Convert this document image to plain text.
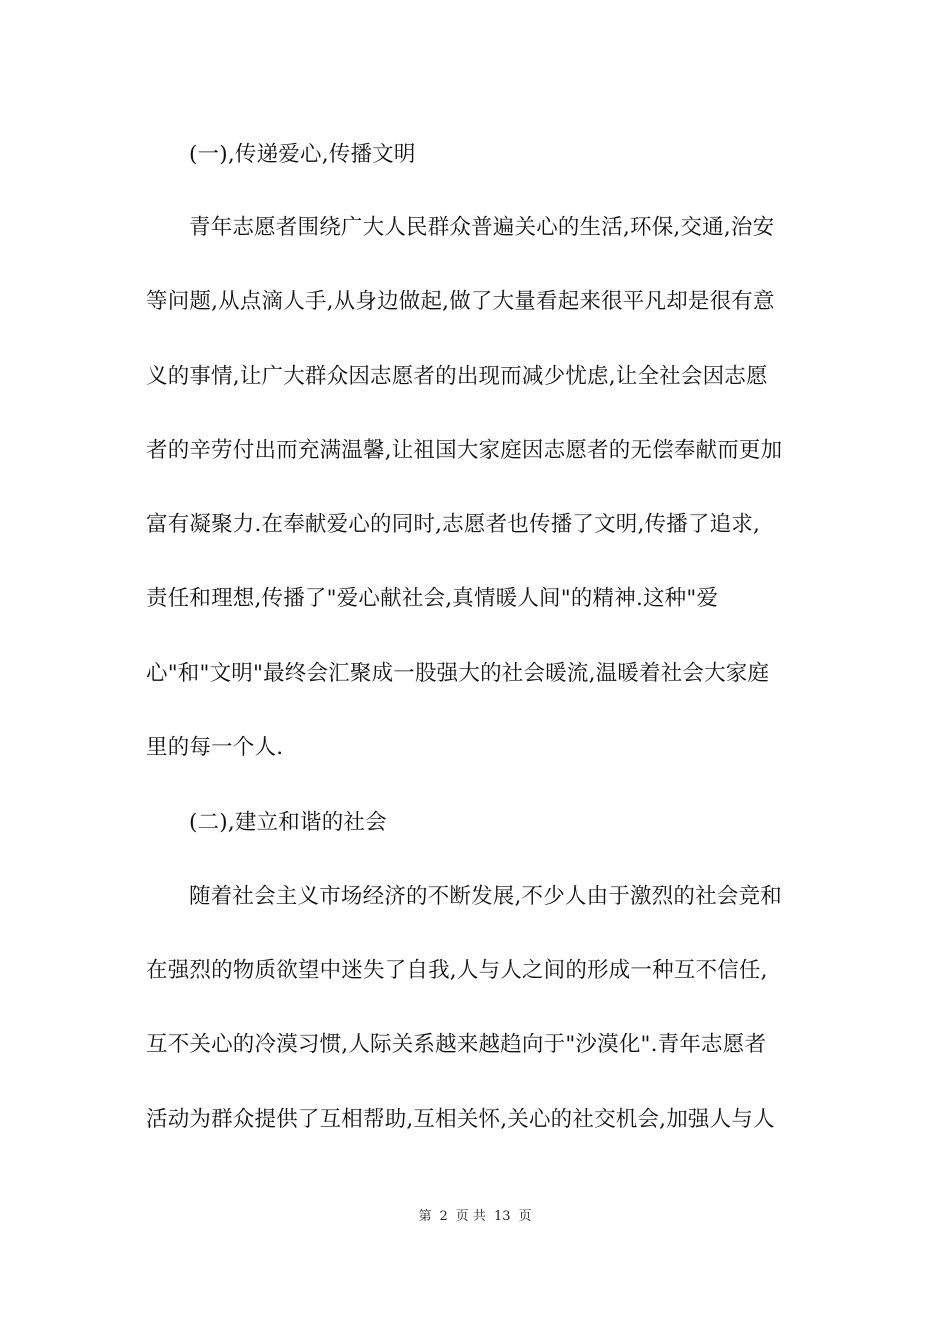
(一),传递爱心,传播文明
青年志愿者围绕广大人民群众普遍关心的生活,环保,交通,治安
等问题,从点滴人手,从身边做起,做了大量看起来很平凡却是很有意
义的事情,让广大群众因志愿者的出现而减少忧虑,让全社会因志愿
者的辛劳付出而充满温馨,让祖国大家庭因志愿者的无偿奉献而更加
富有凝聚力.在奉献爱心的同时,志愿者也传播了文明,传播了追求,
责任和理想,传播了"爱心献社会,真情暖人间"的精神.这种"爱
心"和"文明"最终会汇聚成一股强大的社会暖流,温暖着社会大家庭
里的每一个人.
(二),建立和谐的社会
随着社会主义市场经济的不断发展,不少人由于激烈的社会竞和
在强烈的物质欲望中迷失了自我,人与人之间的形成一种互不信任,
互不关心的冷漠习惯,人际关系越来越趋向于"沙漠化".青年志愿者
活动为群众提供了互相帮助,互相关怀,关心的社交机会,加强人与人
第 2 页 共 13 页
